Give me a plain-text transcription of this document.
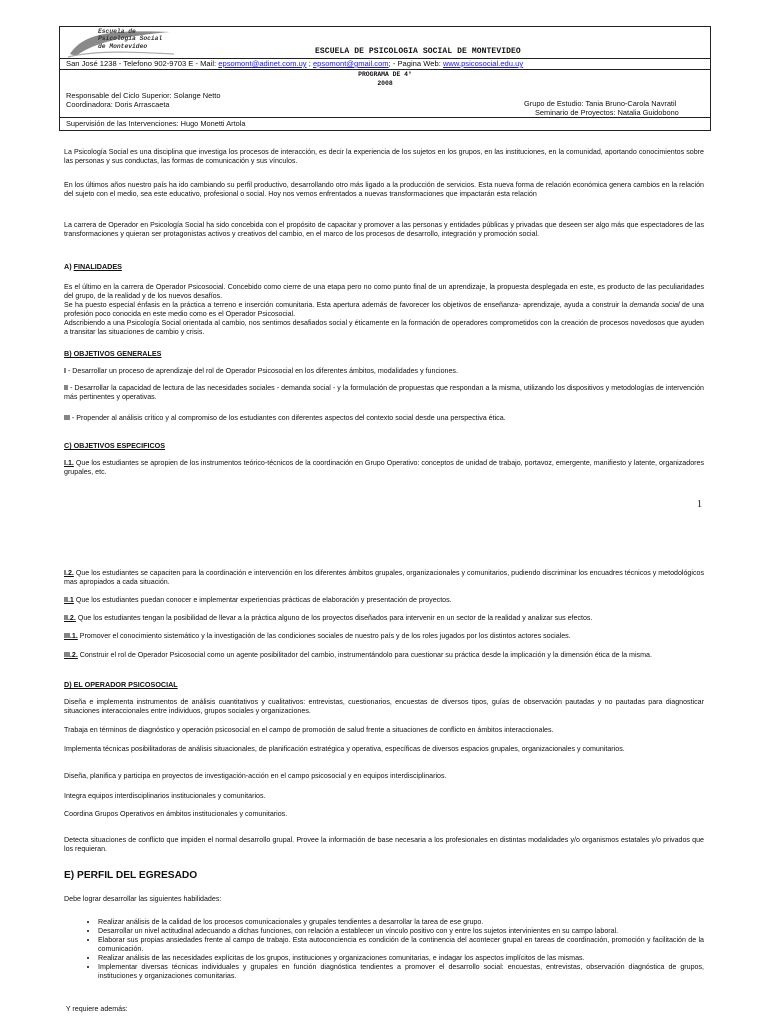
Escuela de
Psicología Social
de Montevideo
ESCUELA DE PSICOLOGIA SOCIAL DE MONTEVIDEO
San José 1238 - Telefono 902-9703 E - Mail: epsomont@adinet.com.uy ; epsomont@gmail.com; - Pagina Web: www.psicosocial.edu.uy
PROGRAMA DE 4°
2008
Responsable del Ciclo Superior: Solange Netto
Coordinadora: Doris Arrascaeta	Grupo de Estudio: Tania Bruno-Carola Navratil
Seminario de Proyectos: Natalia Guidobono
Supervisión de las Intervenciones: Hugo Monetti Artola
La Psicología Social es una disciplina que investiga los procesos de interacción, es decir la experiencia de los sujetos en los grupos, en las instituciones, en la comunidad, aportando conocimientos sobre las personas y sus conductas, las formas de comunicación y sus vínculos.
En los últimos años nuestro país ha ido cambiando su perfil productivo, desarrollando otro más ligado a la producción de servicios. Esta nueva forma de relación económica genera cambios en la relación del sujeto con el medio, sea este educativo, profesional o social. Hoy nos vemos enfrentados a nuevas transformaciones que impactarán esta relación
La carrera de Operador en Psicología Social ha sido concebida con el propósito de capacitar y promover a las personas y entidades públicas y privadas que deseen ser algo más que espectadores de las transformaciones y quieran ser protagonistas activos y creativos del cambio, en el marco de los procesos de desarrollo, integración y promoción social.
A) FINALIDADES
Es el último en la carrera de Operador Psicosocial. Concebido como cierre de una etapa pero no como punto final de un aprendizaje, la propuesta desplegada en este, es producto de las peculiaridades del grupo, de la realidad y de los nuevos desafíos.
Se ha puesto especial énfasis en la práctica a terreno e inserción comunitaria. Esta apertura además de favorecer los objetivos de enseñanza- aprendizaje, ayuda a construir la demanda social de una profesión poco conocida en este medio como es el Operador Psicosocial.
Adscribiendo a una Psicología Social orientada al cambio, nos sentimos desafiados social y éticamente en la formación de operadores comprometidos con la creación de procesos novedosos que ayuden a transitar las situaciones de cambio y crisis.
B) OBJETIVOS GENERALES
I - Desarrollar un proceso de aprendizaje del rol de Operador Psicosocial en los diferentes ámbitos, modalidades y funciones.
II - Desarrollar la capacidad de lectura de las necesidades sociales - demanda social - y la formulación de propuestas que respondan a la misma, utilizando los dispositivos y metodologías de intervención más pertinentes y operativas.
III - Propender al análisis crítico y al compromiso de los estudiantes con diferentes aspectos del contexto social desde una perspectiva ética.
C) OBJETIVOS ESPECIFICOS
I.1. Que los estudiantes se apropien de los instrumentos teórico-técnicos de la coordinación en Grupo Operativo: conceptos de unidad de trabajo, portavoz, emergente, manifiesto y latente, organizadores grupales, etc.
1
I.2. Que los estudiantes se capaciten para la coordinación e intervención en los diferentes ámbitos grupales, organizacionales y comunitarios, pudiendo discriminar los encuadres técnicos y metodológicos mas apropiados a cada situación.
II.1 Que los estudiantes puedan conocer e implementar experiencias prácticas de elaboración y presentación de proyectos.
II.2. Que los estudiantes tengan la posibilidad de llevar a la práctica alguno de los proyectos diseñados para intervenir en un sector de la realidad y analizar sus efectos.
III.1. Promover el conocimiento sistemático y la investigación de las condiciones sociales de nuestro país y de los roles jugados por los distintos actores sociales.
III.2. Construir el rol de Operador Psicosocial como un agente posibilitador del cambio, instrumentándolo para cuestionar su práctica desde la implicación y la dimensión ética de la misma.
D) EL OPERADOR PSICOSOCIAL
Diseña e implementa instrumentos de análisis cuantitativos y cualitativos: entrevistas, cuestionarios, encuestas de diversos tipos, guías de observación pautadas y no pautadas para diagnosticar situaciones interaccionales entre individuos, grupos sociales y organizaciones.
Trabaja en términos de diagnóstico y operación psicosocial en el campo de promoción de salud frente a situaciones de conflicto en ámbitos interaccionales.
Implementa técnicas posibilitadoras de análisis situacionales, de planificación estratégica y operativa, específicas de diversos espacios grupales, organizacionales y comunitarios.
Diseña, planifica y participa en proyectos de investigación-acción en el campo psicosocial y en equipos interdisciplinarios.
Integra equipos interdisciplinarios institucionales y comunitarios.
Coordina Grupos Operativos en ámbitos institucionales y comunitarios.
Detecta situaciones de conflicto que impiden el normal desarrollo grupal. Provee la información de base necesaria a los profesionales en distintas modalidades y/o organismos estatales y/o privados que los requieran.
E) PERFIL DEL EGRESADO
Debe lograr desarrollar las siguientes habilidades:
• Realizar análisis de la calidad de los procesos comunicacionales y grupales tendientes a desarrollar la tarea de ese grupo.
• Desarrollar un nivel actitudinal adecuando a dichas funciones, con relación a establecer un vínculo positivo con y entre los sujetos intervinientes en su campo laboral.
• Elaborar sus propias ansiedades frente al campo de trabajo. Esta autoconciencia es condición de la continencia del acontecer grupal en tareas de coordinación, promoción y facilitación de la comunicación.
• Realizar análisis de las necesidades explícitas de los grupos, instituciones y organizaciones comunitarias, e indagar los aspectos implícitos de las mismas.
• Implementar diversas técnicas individuales y grupales en función diagnóstica tendientes a promover el desarrollo social: encuestas, entrevistas, observación diagnóstica de grupos, instituciones y organizaciones comunitarias.
Y requiere además:
